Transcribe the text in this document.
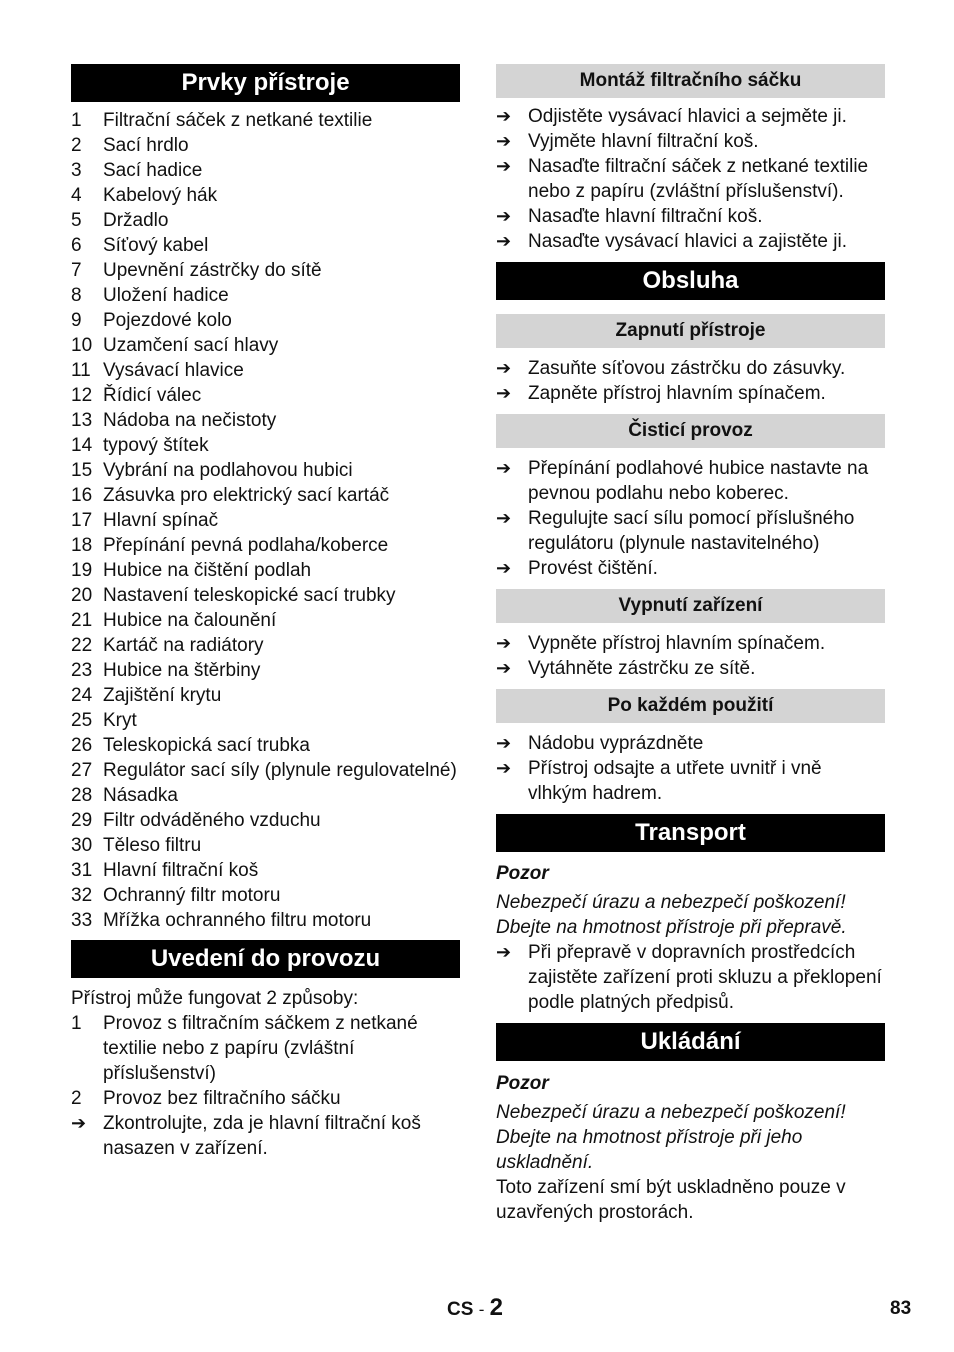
Prvky přístroje
1 Filtrační sáček z netkané textilie
2 Sací hrdlo
3 Sací hadice
4 Kabelový hák
5 Držadlo
6 Síťový kabel
7 Upevnění zástrčky do sítě
8 Uložení hadice
9 Pojezdové kolo
10 Uzamčení sací hlavy
11 Vysávací hlavice
12 Řídicí válec
13 Nádoba na nečistoty
14 typový štítek
15 Vybrání na podlahovou hubici
16 Zásuvka pro elektrický sací kartáč
17 Hlavní spínač
18 Přepínání pevná podlaha/koberce
19 Hubice na čištění podlah
20 Nastavení teleskopické sací trubky
21 Hubice na čalounění
22 Kartáč na radiátory
23 Hubice na štěrbiny
24 Zajištění krytu
25 Kryt
26 Teleskopická sací trubka
27 Regulátor sací síly (plynule regulovatelné)
28 Násadka
29 Filtr odváděného vzduchu
30 Těleso filtru
31 Hlavní filtrační koš
32 Ochranný filtr motoru
33 Mřížka ochranného filtru motoru
Uvedení do provozu
Přístroj může fungovat 2 způsoby:
1 Provoz s filtračním sáčkem z netkané textilie nebo z papíru (zvláštní příslušenství)
2 Provoz bez filtračního sáčku
➔ Zkontrolujte, zda je hlavní filtrační koš nasazen v zařízení.
Montáž filtračního sáčku
➔ Odjistěte vysávací hlavici a sejměte ji.
➔ Vyjměte hlavní filtrační koš.
➔ Nasaďte filtrační sáček z netkané textilie nebo z papíru (zvláštní příslušenství).
➔ Nasaďte hlavní filtrační koš.
➔ Nasaďte vysávací hlavici a zajistěte ji.
Obsluha
Zapnutí přístroje
➔ Zasuňte síťovou zástrčku do zásuvky.
➔ Zapněte přístroj hlavním spínačem.
Čisticí provoz
➔ Přepínání podlahové hubice nastavte na pevnou podlahu nebo koberec.
➔ Regulujte sací sílu pomocí příslušného regulátoru (plynule nastavitelného)
➔ Provést čištění.
Vypnutí zařízení
➔ Vypněte přístroj hlavním spínačem.
➔ Vytáhněte zástrčku ze sítě.
Po každém použití
➔ Nádobu vyprázdněte
➔ Přístroj odsajte a utřete uvnitř i vně vlhkým hadrem.
Transport
Pozor
Nebezpečí úrazu a nebezpečí poškození!
Dbejte na hmotnost přístroje při přepravě.
➔ Při přepravě v dopravních prostředcích zajistěte zařízení proti skluzu a překlopení podle platných předpisů.
Ukládání
Pozor
Nebezpečí úrazu a nebezpečí poškození!
Dbejte na hmotnost přístroje při jeho uskladnění.
Toto zařízení smí být uskladněno pouze v uzavřených prostorách.
CS - 2	83
